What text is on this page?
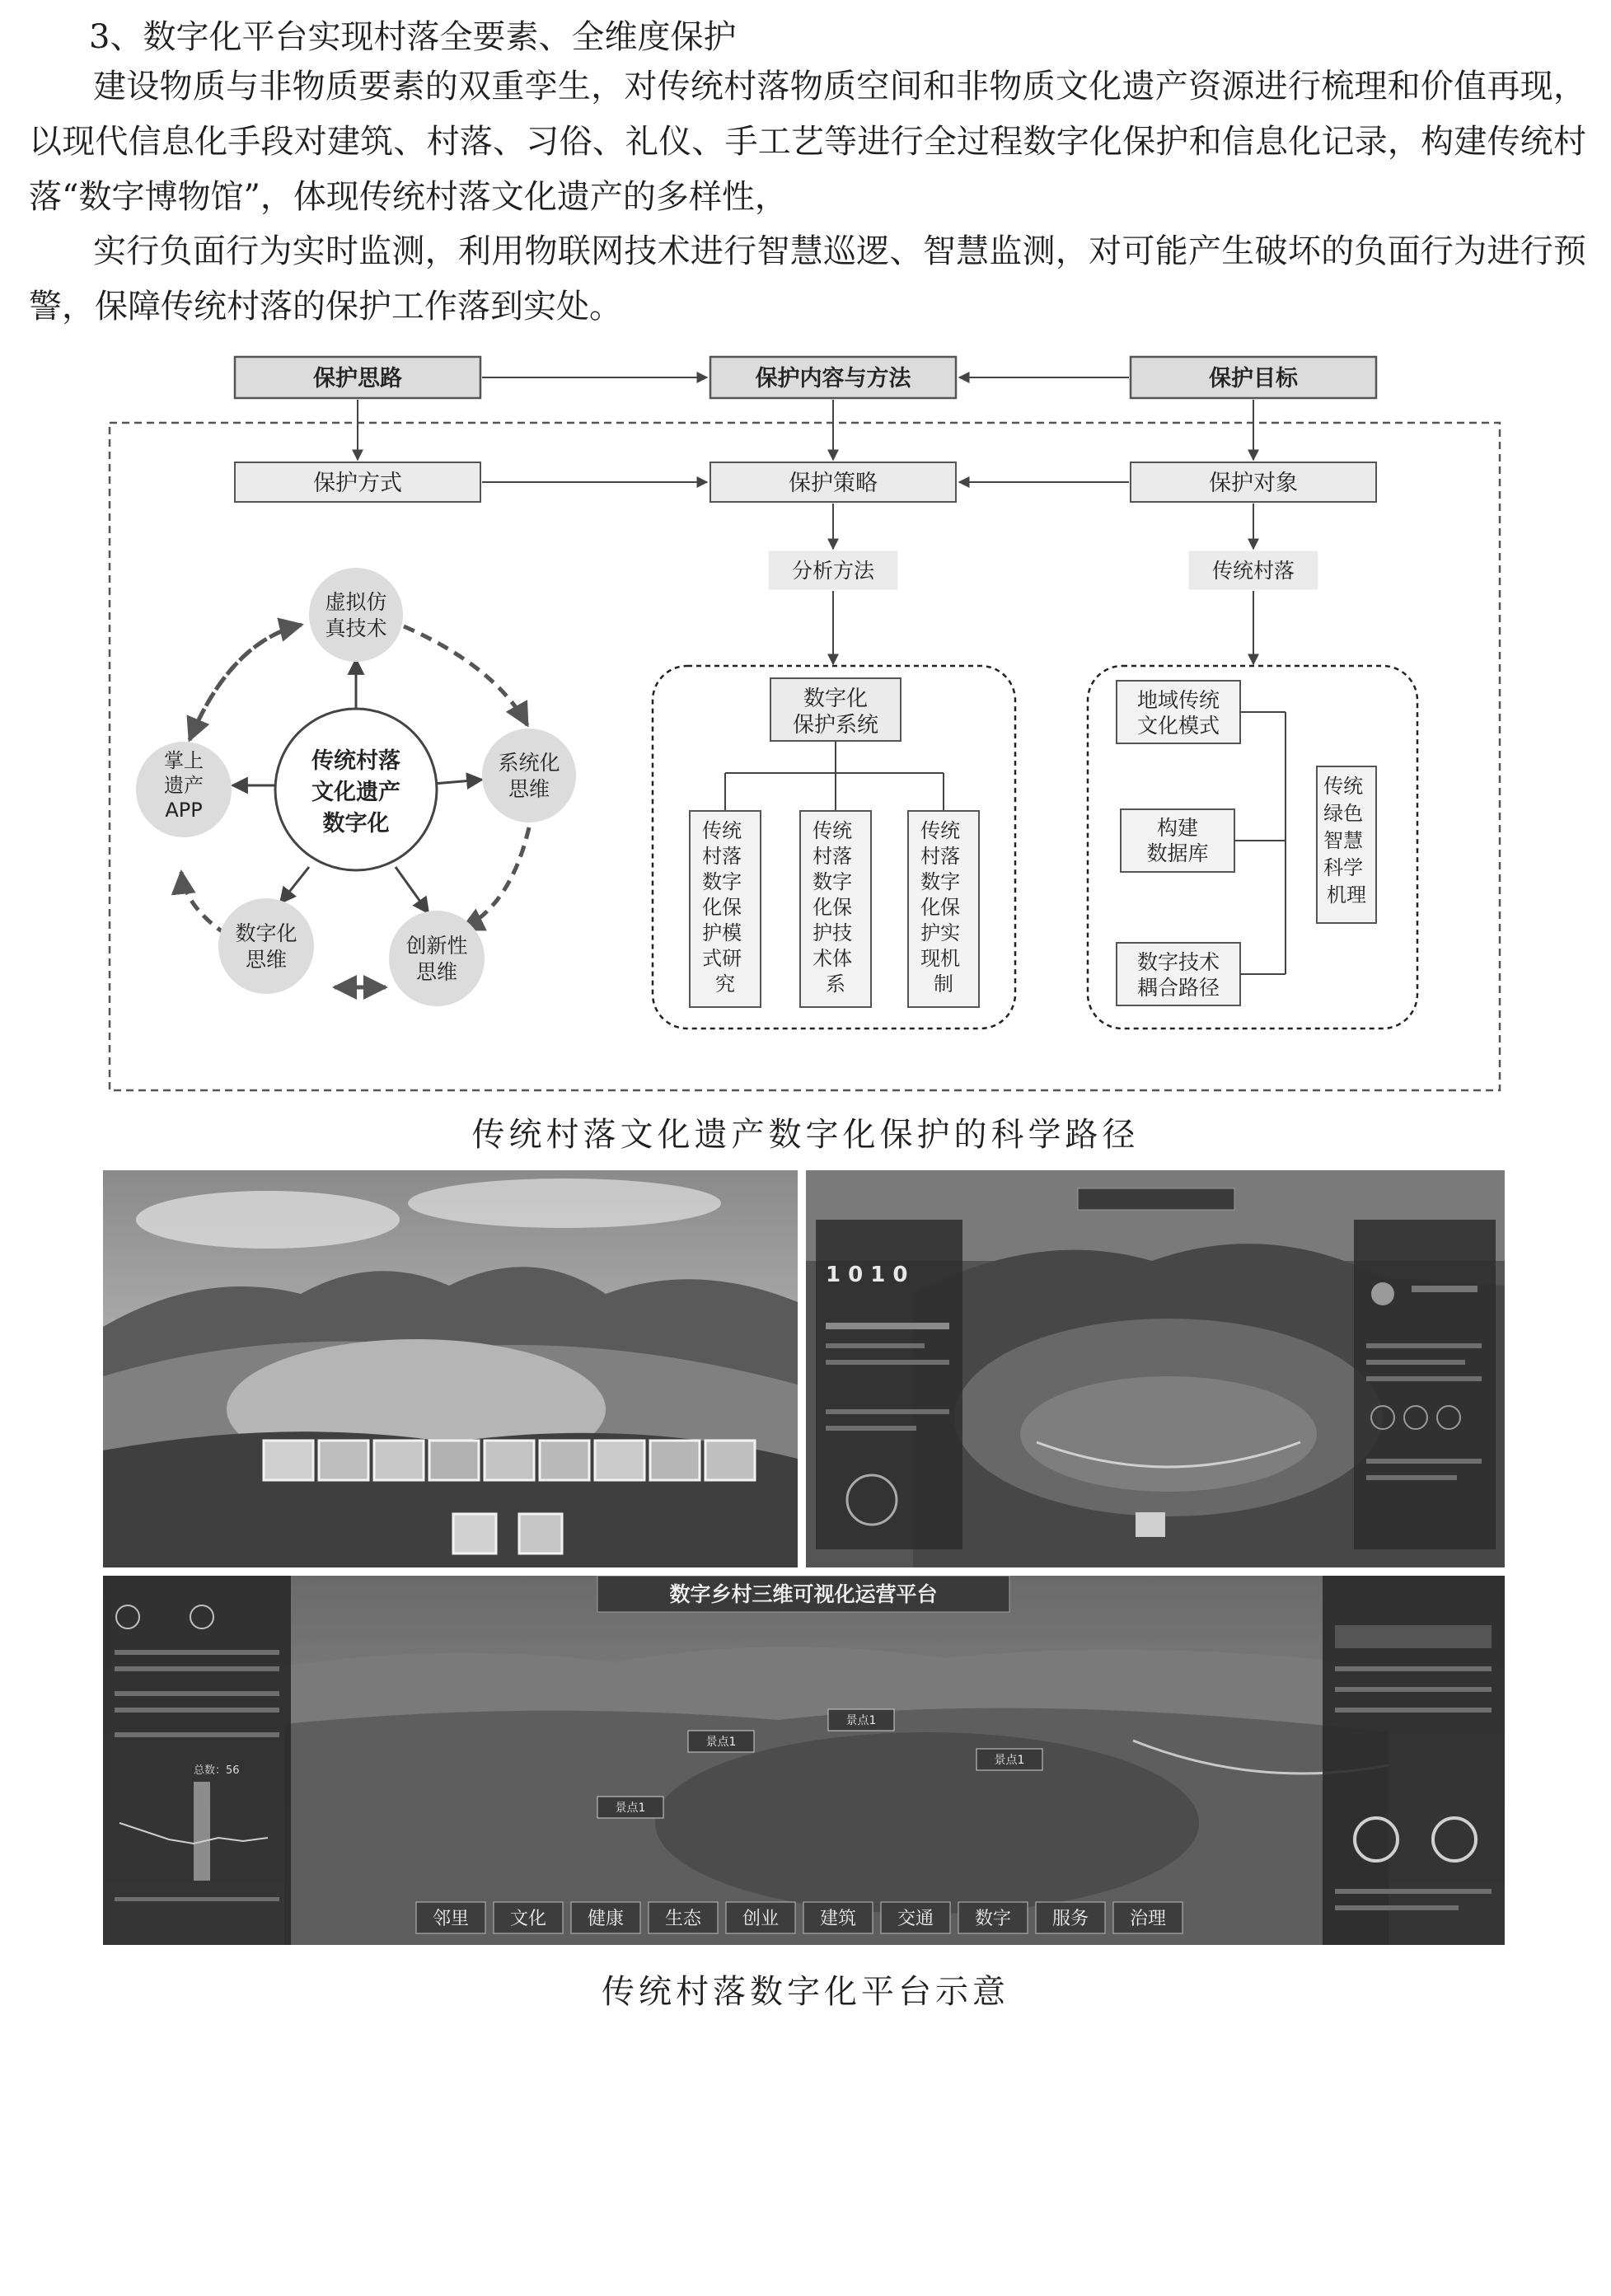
3、数字化平台实现村落全要素、全维度保护

建设物质与非物质要素的双重孪生，对传统村落物质空间和非物质文化遗产资源进行梳理和价值再现，以现代信息化手段对建筑、村落、习俗、礼仪、手工艺等进行全过程数字化保护和信息化记录，构建传统村落“数字博物馆”，体现传统村落文化遗产的多样性，

实行负面行为实时监测，利用物联网技术进行智慧巡逻、智慧监测，对可能产生破坏的负面行为进行预警，保障传统村落的保护工作落到实处。

保护思路	保护内容与方法	保护目标
保护方式	保护策略	保护对象
分析方法	传统村落
数字化
保护系统
传统 村落 数字 化保 护模 式研 究
传统 村落 数字 化保 护技 术体 系
传统 村落 数字 化保 护实 现机 制
地域传统
文化模式
构建
数据库
数字技术
耦合路径
传统 绿色 智慧 科学 机理
传统村落
文化遗产
数字化
虚拟仿
真技术
系统化
思维
创新性
思维
数字化
思维
掌上
遗产
APP

传统村落文化遗产数字化保护的科学路径

1 0 1 0
数字乡村三维可视化运营平台
总数：56
景点1
景点1
景点1
景点1
邻里 文化 健康 生态 创业 建筑 交通 数字 服务 治理

传统村落数字化平台示意
